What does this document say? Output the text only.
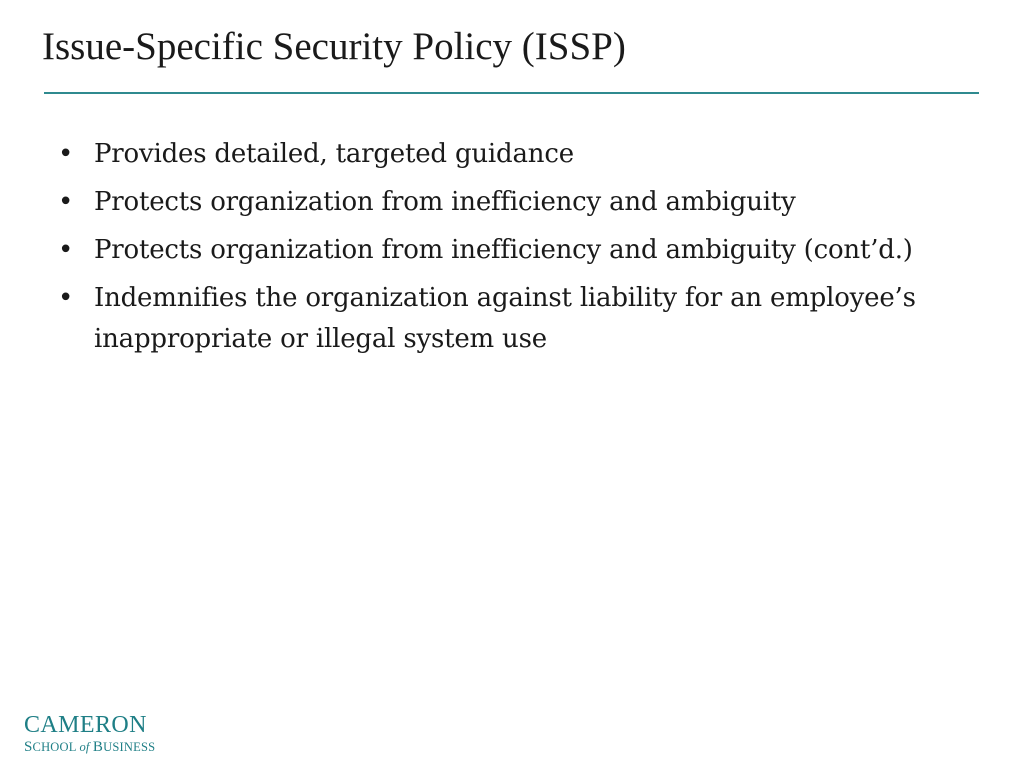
Issue-Specific Security Policy (ISSP)
• Provides detailed, targeted guidance
• Protects organization from inefficiency and ambiguity
• Protects organization from inefficiency and ambiguity (cont’d.)
• Indemnifies the organization against liability for an employee’s inappropriate or illegal system use
CAMERON
SCHOOL of BUSINESS
